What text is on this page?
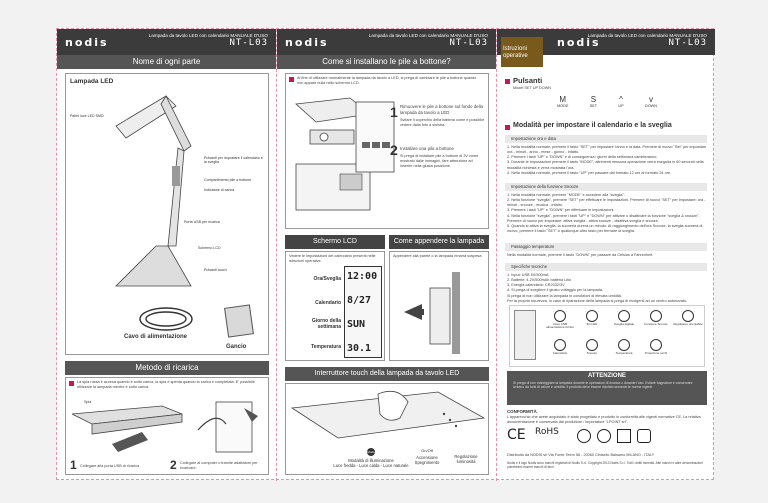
nodis
Lampada da tavolo LED con calendario MANUALE D'USO
NT-L03
Nome di ogni parte
Lampada LED
Pallet luce LED SMD
Pulsanti per impostare il calendario e la sveglia
Compartimento pile a bottone
Indicatore di carica
Porta USB per ricarica
Schermo LCD
Pulsanti touch
Cavo di alimentazione
Gancio
Metodo di ricarica
La spia rossa è accesa quando è sotto carica, la spia è spenta quando la carica è completata. E' possibile utilizzare la lampada mentre è sotto carica.
Spia
1 Collegare alla porta USB di ricarica	2 Collegare al computer o tramite adattatore per ricaricare.
nodis
Lampada da tavolo LED con calendario MANUALE D'USO
NT-L03
Come si installano le pile a bottone?
Al fine di utilizzare normalmente la lampada da tavolo a LED, si prega di cambiare le pile a bottone quando non appare nulla nello schermo LCD.
1 Rimuovere le pile a bottone sul fondo della lampada da tavolo a LED
Svitare il coperchio della batteria come è possibile vedere dalla foto a sinistra.
2 Installare una pila a bottone
Si prega di installare pile a bottone di 3V come mostrato dalle immagini, fare attenzione ad inserire nella giusta posizione.
Schermo LCD	Come appendere la lampada
Vedere le impostazioni del calendario presenti nelle istruzioni operative.
12:00
8/27
SUN
30.1
Ora/Sveglia
Calendario
Giorno della settimana
Temperatura
Appendere alla parete o la lampada rimarrà sospesa
Interruttore touch della lampada da tavolo LED
Mode
Modalità di illuminazione
Luce fredda - Luce calda - Luce naturale
On/Off
Accensione
Spegnimento
Regolazione
luminosità
nodis
Lampada da tavolo LED con calendario MANUALE D'USO
NT-L03
Istruzioni operative
Pulsanti
Model SET UP DOWN
M
MODE
S
SET
^
UP
v
DOWN
Modalità per impostare il calendario e la sveglia
Impostazione ora e data
1. Nella modalità normale, premere il tasto "SET" per impostare l'anno e la data. Premere di nuovo "Set" per impostare ora - minuti - anno - mese - giorno - infatto.
2. Premere i tasti "UP" o "DOWN" e di conseguenza i giorni della settimana cambieranno.
3. Durante le impostazioni premere il tasto "MODE", altrimenti nessuna operazione verrà eseguita in 60 secondi nella modalità richiesta e verrà mostrata l'ora.
4. Nella modalità normale, premere il tasto "UP" per passare dal formato 12 ore al formato 24 ore.
Impostazione della funzione Snooze
1. Nella modalità normale, premere "MODE" e accedere alla "sveglia".
2. Nella funzione "sveglia", premere "SET" per effettuare le impostazioni. Premere di nuovo "SET" per impostare: ora - minuti - snooze - musica - infatto.
3. Premere i tasti "UP" e "DOWN" per effettuare le impostazioni.
4. Nella funzione "sveglia", premere i tasti "UP" e "DOWN" per attivare o disattivare la funzione "sveglia & snooze". Premere di nuovo per impostare: attiva sveglia - attiva snooze - disattiva sveglia e snooze.
5. Quando si attiva la sveglia, la suoneria durerà un minuto. Al raggiungimento dell'ora Snooze, la sveglia suonerà di nuovo, premere il tasto "SET" o qualunque altro tasto per fermare la sveglia.
Passaggio temperature
Nella modalità normale, premere il tasto "DOWN" per passare da Celsius a Fahrenheit.
Specifiche tecniche
1. Input: USB 5V/500mA
2. Batterie: 4.2V/500mAh batteria Litio
3. Energia calendario: CR2032/3V
4. Si prega di scegliere il giusto voltaggio per la lampada.
Si prega di non utilizzare la lampada in condizioni di elevata umidità.
Per la propria sicurezza, in caso di riparazione della lampada si prega di rivolgersi ad un centro autorizzato.
Cavo USB alimentazione fornito
3in LED	Sveglia digitale	Funzione Snooze	Regolatore orientabile
Calendario	Snooze	Temperatura	Protezione occhi
ATTENZIONE
Si prega di non maneggiare la lampada durante le operazioni di ricarica o durante l'uso. Evitare bagnature e conservare lontano da fonti di calore e umidità. Il prodotto deve essere riciclato secondo le norme vigenti.
CONFORMITÀ
L'apparecchio che avete acquistato è stato progettato e prodotto in conformità alle vigenti normative CE. La relativa documentazione è conservata dal produttore / importatore "LPOINT srl".
CE RoHS
Distribuito da NODIS srl Via Fonte Teem 56 - 20060 Cinisello Balsamo MILANO - ITALY
Nodis e il logo Nodis sono marchi registrati di Nodis S.r.l. Copyright 2013 Nodis S.r.l. Tutti i diritti riservati. Altri marchi e altre denominazioni potrebbero essere marchi di terzi.
